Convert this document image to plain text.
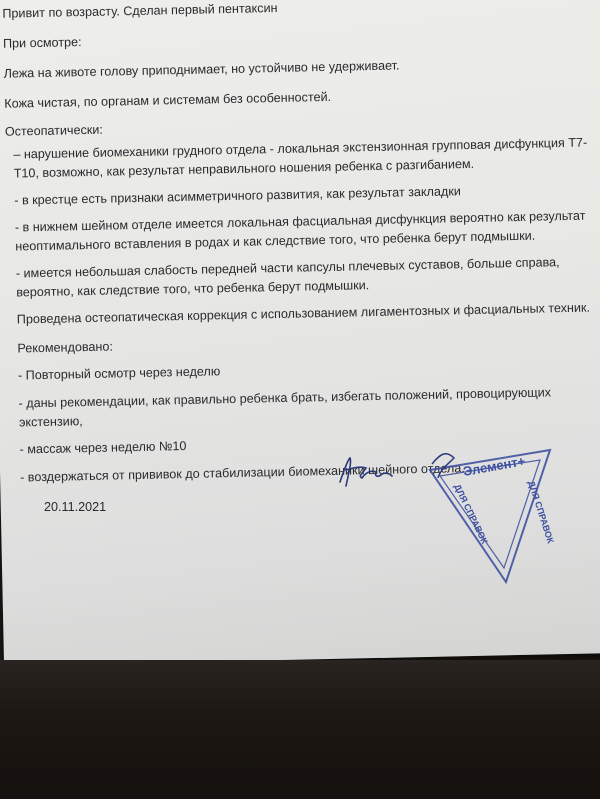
Привит по возрасту. Сделан первый пентаксин
При осмотре:
Лежа на животе голову приподнимает, но устойчиво не удерживает.
Кожа чистая, по органам и системам без особенностей.
Остеопатически:
– нарушение биомеханики грудного отдела - локальная экстензионная групповая дисфункция Т7-
Т10, возможно, как результат неправильного ношения ребенка с разгибанием.
- в крестце есть признаки асимметричного развития, как результат закладки
- в нижнем шейном отделе имеется локальная фасциальная дисфункция вероятно как результат
неоптимального вставления в родах и как следствие того, что ребенка берут подмышки.
- имеется небольшая слабость передней части капсулы плечевых суставов, больше справа,
вероятно, как следствие того, что ребенка берут подмышки.
Проведена остеопатическая коррекция с использованием лигаментозных и фасциальных техник.
Рекомендовано:
- Повторный осмотр через неделю
- даны рекомендации, как правильно ребенка брать, избегать положений, провоцирующих
экстензию,
- массаж через неделю №10
- воздержаться от прививок до стабилизации биомеханики шейного отдела.
20.11.2021
Элемент+
ДЛЯ СПРАВОК
ДЛЯ СПРАВОК
